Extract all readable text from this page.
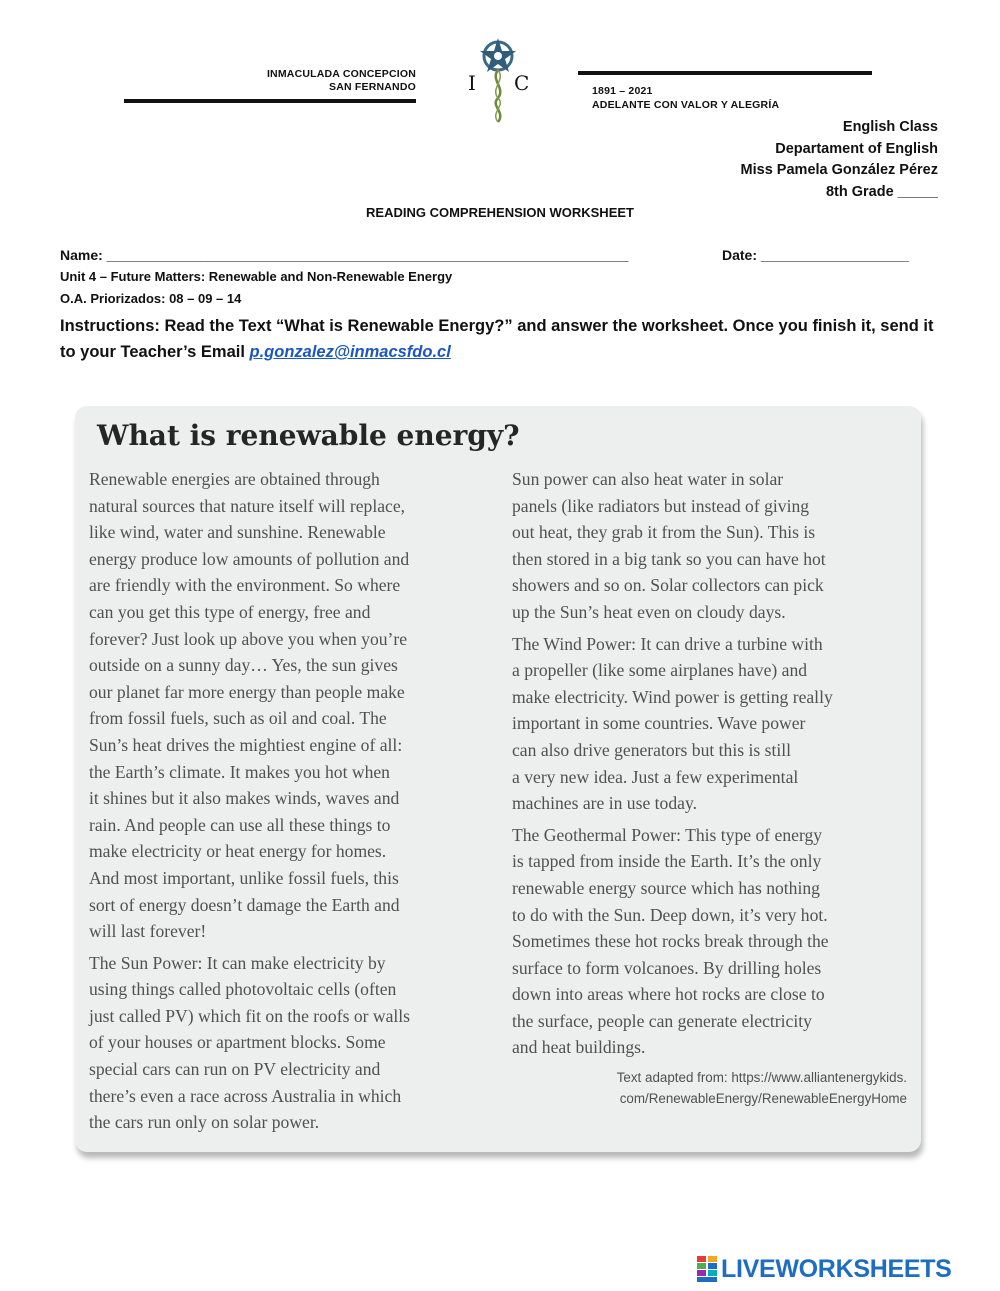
INMACULADA CONCEPCION
SAN FERNANDO	I C	1891 – 2021
ADELANTE CON VALOR Y ALEGRÍA
English Class
Departament of English
Miss Pamela González Pérez
8th Grade _____
READING COMPREHENSION WORKSHEET
Name: ___________________________________________________________________	Date: ___________________
Unit 4 – Future Matters: Renewable and Non-Renewable Energy
O.A. Priorizados: 08 – 09 – 14
Instructions: Read the Text “What is Renewable Energy?” and answer the worksheet. Once you finish it, send it to your Teacher’s Email p.gonzalez@inmacsfdo.cl
What is renewable energy?

Renewable energies are obtained through
natural sources that nature itself will replace,
like wind, water and sunshine. Renewable
energy produce low amounts of pollution and
are friendly with the environment. So where
can you get this type of energy, free and
forever? Just look up above you when you’re
outside on a sunny day… Yes, the sun gives
our planet far more energy than people make
from fossil fuels, such as oil and coal. The
Sun’s heat drives the mightiest engine of all:
the Earth’s climate. It makes you hot when
it shines but it also makes winds, waves and
rain. And people can use all these things to
make electricity or heat energy for homes.
And most important, unlike fossil fuels, this
sort of energy doesn’t damage the Earth and
will last forever!

The Sun Power: It can make electricity by
using things called photovoltaic cells (often
just called PV) which fit on the roofs or walls
of your houses or apartment blocks. Some
special cars can run on PV electricity and
there’s even a race across Australia in which
the cars run only on solar power.

Sun power can also heat water in solar
panels (like radiators but instead of giving
out heat, they grab it from the Sun). This is
then stored in a big tank so you can have hot
showers and so on. Solar collectors can pick
up the Sun’s heat even on cloudy days.

The Wind Power: It can drive a turbine with
a propeller (like some airplanes have) and
make electricity. Wind power is getting really
important in some countries. Wave power
can also drive generators but this is still
a very new idea. Just a few experimental
machines are in use today.

The Geothermal Power: This type of energy
is tapped from inside the Earth. It’s the only
renewable energy source which has nothing
to do with the Sun. Deep down, it’s very hot.
Sometimes these hot rocks break through the
surface to form volcanoes. By drilling holes
down into areas where hot rocks are close to
the surface, people can generate electricity
and heat buildings.

Text adapted from: https://www.alliantenergykids.
com/RenewableEnergy/RenewableEnergyHome
LIVEWORKSHEETS
